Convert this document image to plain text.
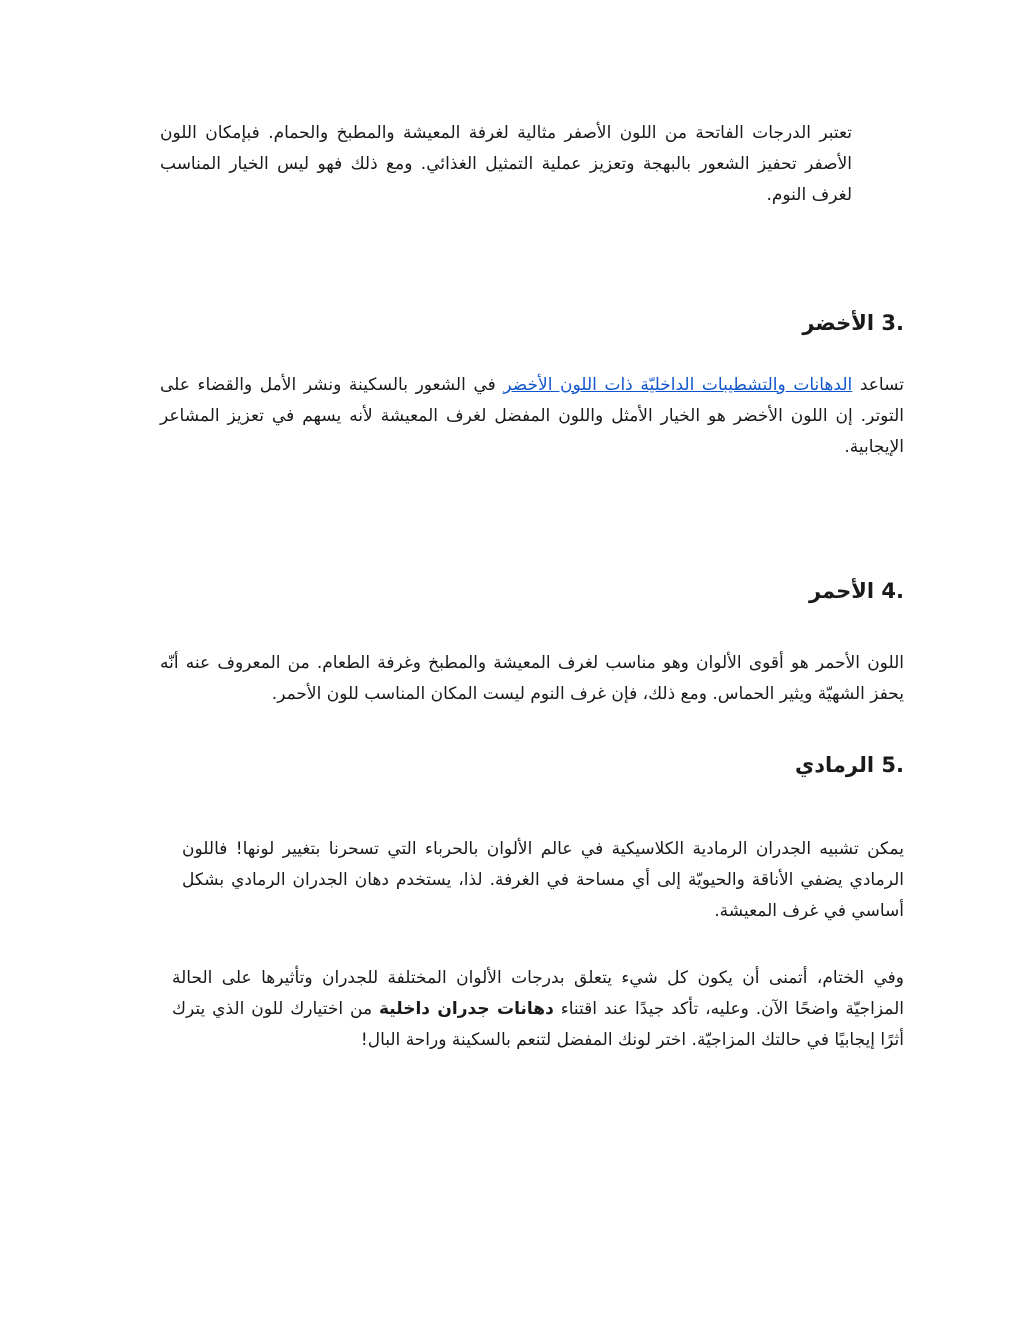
تعتبر الدرجات الفاتحة من اللون الأصفر مثالية لغرفة المعيشة والمطبخ والحمام. فبإمكان اللون الأصفر تحفيز الشعور بالبهجة وتعزيز عملية التمثيل الغذائي. ومع ذلك فهو ليس الخيار المناسب لغرف النوم.

.3 الأخضر

تساعد الدهانات والتشطيبات الداخليّة ذات اللون الأخضر في الشعور بالسكينة ونشر الأمل والقضاء على التوتر. إن اللون الأخضر هو الخيار الأمثل واللون المفضل لغرف المعيشة لأنه يسهم في تعزيز المشاعر الإيجابية.

.4 الأحمر

اللون الأحمر هو أقوى الألوان وهو مناسب لغرف المعيشة والمطبخ وغرفة الطعام. من المعروف عنه أنّه يحفز الشهيّة ويثير الحماس. ومع ذلك، فإن غرف النوم ليست المكان المناسب للون الأحمر.

.5 الرمادي

يمكن تشبيه الجدران الرمادية الكلاسيكية في عالم الألوان بالحرباء التي تسحرنا بتغيير لونها! فاللون الرمادي يضفي الأناقة والحيويّة إلى أي مساحة في الغرفة. لذا، يستخدم دهان الجدران الرمادي بشكل أساسي في غرف المعيشة.

وفي الختام، أتمنى أن يكون كل شيء يتعلق بدرجات الألوان المختلفة للجدران وتأثيرها على الحالة المزاجيّة واضحًا الآن. وعليه، تأكد جيدًا عند اقتناء دهانات جدران داخلية من اختيارك للون الذي يترك أثرًا إيجابيًا في حالتك المزاجيّة. اختر لونك المفضل لتنعم بالسكينة وراحة البال!
